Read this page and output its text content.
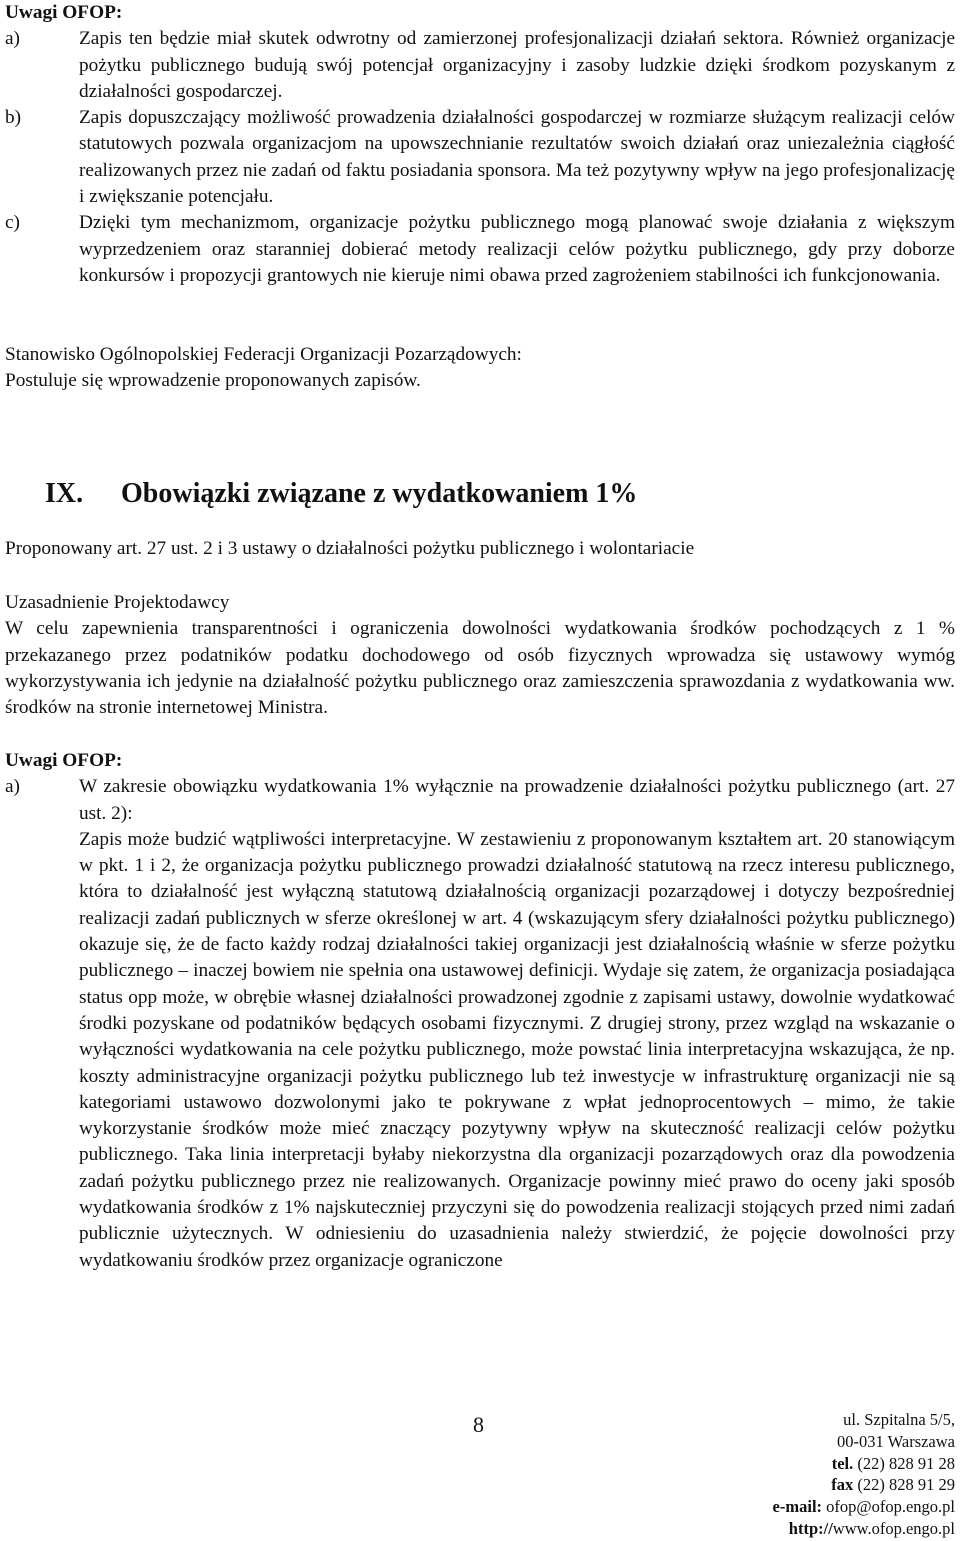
Uwagi OFOP:

a)	Zapis ten będzie miał skutek odwrotny od zamierzonej profesjonalizacji działań sektora. Również organizacje pożytku publicznego budują swój potencjał organizacyjny i zasoby ludzkie dzięki środkom pozyskanym z działalności gospodarczej.

b)	Zapis dopuszczający możliwość prowadzenia działalności gospodarczej w rozmiarze służącym realizacji celów statutowych pozwala organizacjom na upowszechnianie rezultatów swoich działań oraz uniezależnia ciągłość realizowanych przez nie zadań od faktu posiadania sponsora. Ma też pozytywny wpływ na jego profesjonalizację i zwiększanie potencjału.

c)	Dzięki tym mechanizmom, organizacje pożytku publicznego mogą planować swoje działania z większym wyprzedzeniem oraz staranniej dobierać metody realizacji celów pożytku publicznego, gdy przy doborze konkursów i propozycji grantowych nie kieruje nimi obawa przed zagrożeniem stabilności ich funkcjonowania.

Stanowisko Ogólnopolskiej Federacji Organizacji Pozarządowych:

Postuluje się wprowadzenie proponowanych zapisów.

IX. Obowiązki związane z wydatkowaniem 1%

Proponowany art. 27 ust. 2 i 3 ustawy o działalności pożytku publicznego i wolontariacie

Uzasadnienie Projektodawcy

W celu zapewnienia transparentności i ograniczenia dowolności wydatkowania środków pochodzących z 1 % przekazanego przez podatników podatku dochodowego od osób fizycznych wprowadza się ustawowy wymóg wykorzystywania ich jedynie na działalność pożytku publicznego oraz zamieszczenia sprawozdania z wydatkowania ww. środków na stronie internetowej Ministra.

Uwagi OFOP:

a)	W zakresie obowiązku wydatkowania 1% wyłącznie na prowadzenie działalności pożytku publicznego (art. 27 ust. 2):

Zapis może budzić wątpliwości interpretacyjne. W zestawieniu z proponowanym kształtem art. 20 stanowiącym w pkt. 1 i 2, że organizacja pożytku publicznego prowadzi działalność statutową na rzecz interesu publicznego, która to działalność jest wyłączną statutową działalnością organizacji pozarządowej i dotyczy bezpośredniej realizacji zadań publicznych w sferze określonej w art. 4 (wskazującym sfery działalności pożytku publicznego) okazuje się, że de facto każdy rodzaj działalności takiej organizacji jest działalnością właśnie w sferze pożytku publicznego – inaczej bowiem nie spełnia ona ustawowej definicji. Wydaje się zatem, że organizacja posiadająca status opp może, w obrębie własnej działalności prowadzonej zgodnie z zapisami ustawy, dowolnie wydatkować środki pozyskane od podatników będących osobami fizycznymi. Z drugiej strony, przez wzgląd na wskazanie o wyłączności wydatkowania na cele pożytku publicznego, może powstać linia interpretacyjna wskazująca, że np. koszty administracyjne organizacji pożytku publicznego lub też inwestycje w infrastrukturę organizacji nie są kategoriami ustawowo dozwolonymi jako te pokrywane z wpłat jednoprocentowych – mimo, że takie wykorzystanie środków może mieć znaczący pozytywny wpływ na skuteczność realizacji celów pożytku publicznego. Taka linia interpretacji byłaby niekorzystna dla organizacji pozarządowych oraz dla powodzenia zadań pożytku publicznego przez nie realizowanych. Organizacje powinny mieć prawo do oceny jaki sposób wydatkowania środków z 1% najskuteczniej przyczyni się do powodzenia realizacji stojących przed nimi zadań publicznie użytecznych. W odniesieniu do uzasadnienia należy stwierdzić, że pojęcie dowolności przy wydatkowaniu środków przez organizacje ograniczone

8	ul. Szpitalna 5/5,
00-031 Warszawa
tel. (22) 828 91 28
fax (22) 828 91 29
e-mail: ofop@ofop.engo.pl
http://www.ofop.engo.pl
